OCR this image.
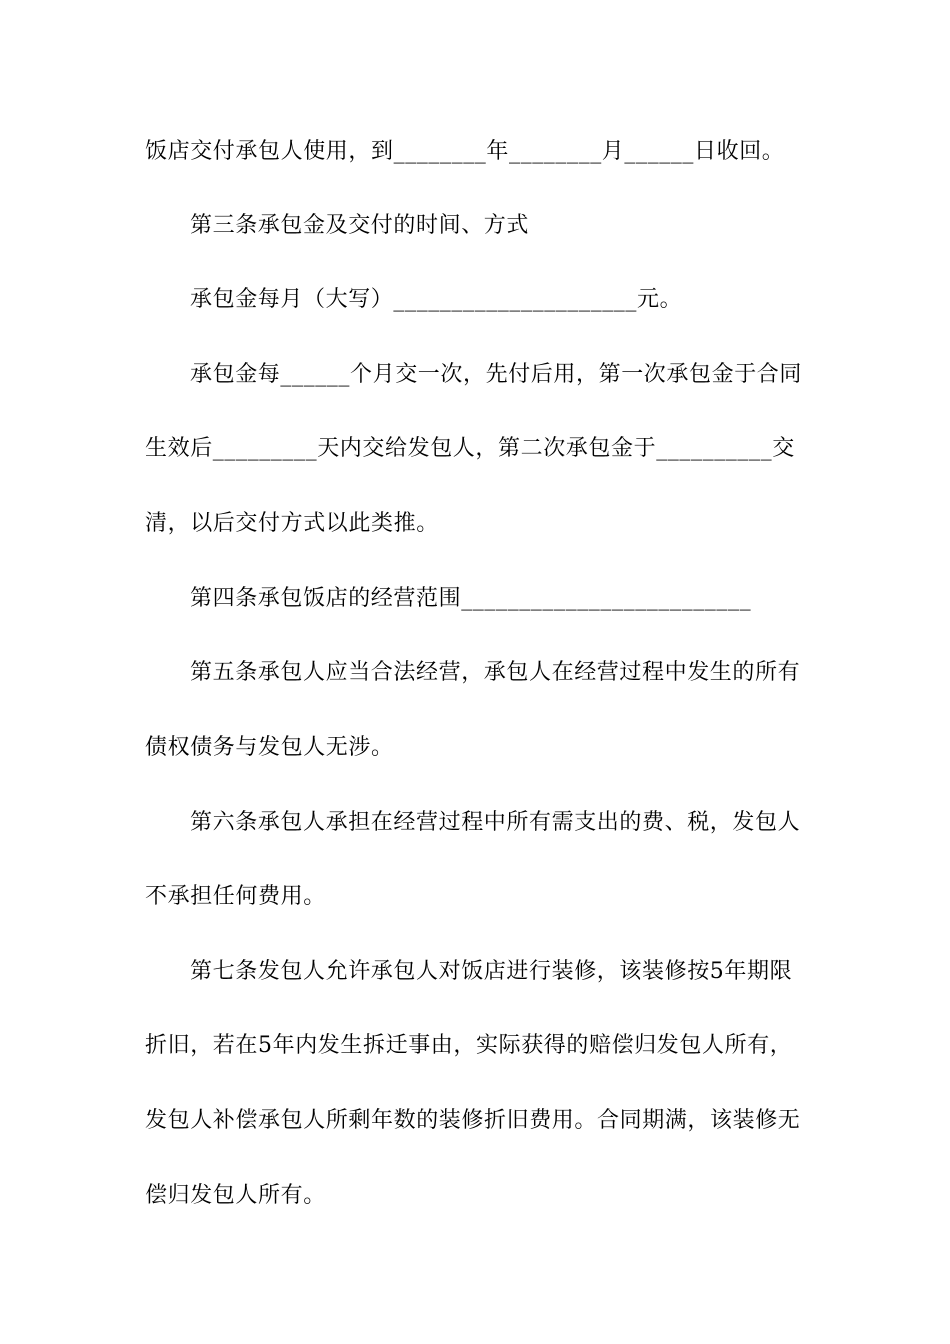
饭店交付承包人使用，到________年________月______日收回。
第三条承包金及交付的时间、方式
承包金每月（大写）_____________________元。
承包金每______个月交一次，先付后用，第一次承包金于合同
生效后_________天内交给发包人，第二次承包金于__________交
清，以后交付方式以此类推。
第四条承包饭店的经营范围_________________________
第五条承包人应当合法经营，承包人在经营过程中发生的所有
债权债务与发包人无涉。
第六条承包人承担在经营过程中所有需支出的费、税，发包人
不承担任何费用。
第七条发包人允许承包人对饭店进行装修，该装修按5年期限
折旧，若在5年内发生拆迁事由，实际获得的赔偿归发包人所有，
发包人补偿承包人所剩年数的装修折旧费用。合同期满，该装修无
偿归发包人所有。
